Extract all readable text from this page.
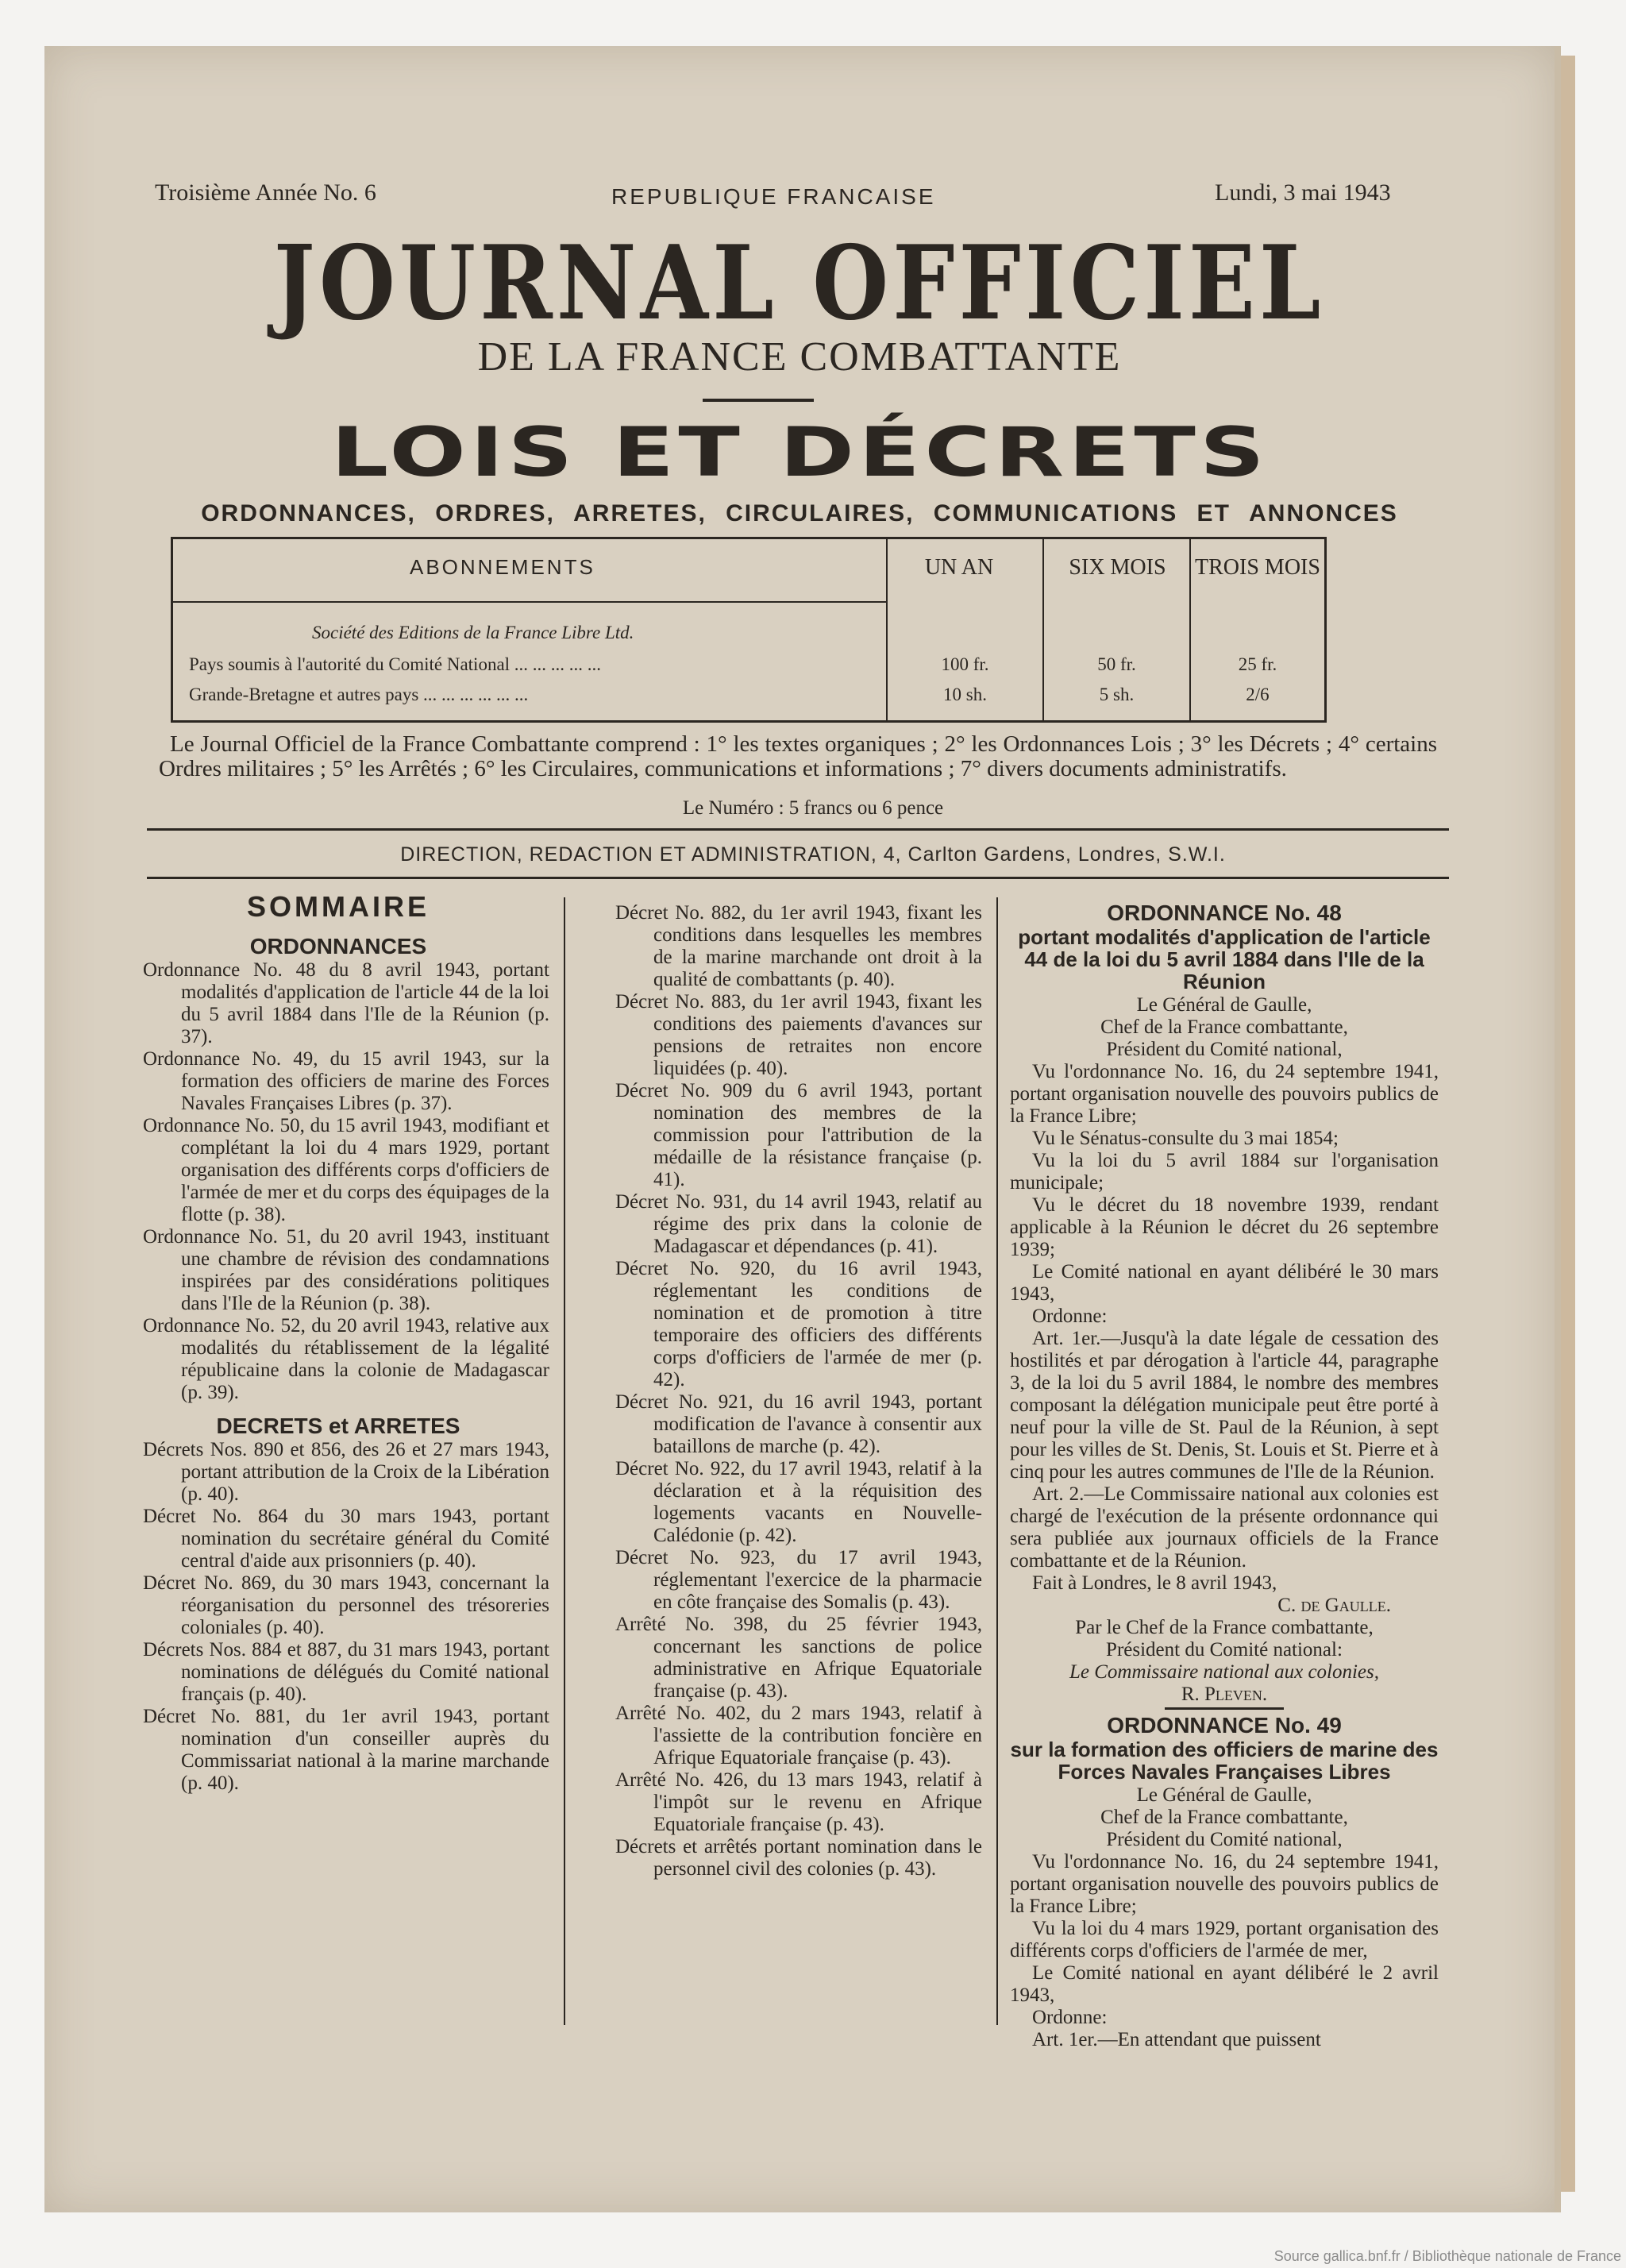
Troisième Année No. 6	REPUBLIQUE FRANCAISE	Lundi, 3 mai 1943
JOURNAL OFFICIEL
DE LA FRANCE COMBATTANTE
LOIS ET DÉCRETS
ORDONNANCES, ORDRES, ARRETES, CIRCULAIRES, COMMUNICATIONS ET ANNONCES
ABONNEMENTS	UN AN	SIX MOIS	TROIS MOIS
Société des Editions de la France Libre Ltd.
Pays soumis à l'autorité du Comité National ... ... ... ... ...	100 fr.	50 fr.	25 fr.
Grande-Bretagne et autres pays ... ... ... ... ... ...	10 sh.	5 sh.	2/6
Le Journal Officiel de la France Combattante comprend : 1° les textes organiques ; 2° les Ordonnances Lois ; 3° les Décrets ; 4° certains Ordres militaires ; 5° les Arrêtés ; 6° les Circulaires, communications et informations ; 7° divers documents administratifs.
Le Numéro : 5 francs ou 6 pence
DIRECTION, REDACTION ET ADMINISTRATION, 4, Carlton Gardens, Londres, S.W.I.
SOMMAIRE
ORDONNANCES

Ordonnance No. 48 du 8 avril 1943, portant modalités d'application de l'article 44 de la loi du 5 avril 1884 dans l'Ile de la Réunion (p. 37).

Ordonnance No. 49, du 15 avril 1943, sur la formation des officiers de marine des Forces Navales Françaises Libres (p. 37).

Ordonnance No. 50, du 15 avril 1943, modifiant et complétant la loi du 4 mars 1929, portant organisation des différents corps d'officiers de l'armée de mer et du corps des équipages de la flotte (p. 38).

Ordonnance No. 51, du 20 avril 1943, instituant une chambre de révision des condamnations inspirées par des considérations politiques dans l'Ile de la Réunion (p. 38).

Ordonnance No. 52, du 20 avril 1943, relative aux modalités du rétablissement de la légalité républicaine dans la colonie de Madagascar (p. 39).

DECRETS et ARRETES

Décrets Nos. 890 et 856, des 26 et 27 mars 1943, portant attribution de la Croix de la Libération (p. 40).

Décret No. 864 du 30 mars 1943, portant nomination du secrétaire général du Comité central d'aide aux prisonniers (p. 40).

Décret No. 869, du 30 mars 1943, concernant la réorganisation du personnel des trésoreries coloniales (p. 40).

Décrets Nos. 884 et 887, du 31 mars 1943, portant nominations de délégués du Comité national français (p. 40).

Décret No. 881, du 1er avril 1943, portant nomination d'un conseiller auprès du Commissariat national à la marine marchande (p. 40).

Décret No. 882, du 1er avril 1943, fixant les conditions dans lesquelles les membres de la marine marchande ont droit à la qualité de combattants (p. 40).

Décret No. 883, du 1er avril 1943, fixant les conditions des paiements d'avances sur pensions de retraites non encore liquidées (p. 40).

Décret No. 909 du 6 avril 1943, portant nomination des membres de la commission pour l'attribution de la médaille de la résistance française (p. 41).

Décret No. 931, du 14 avril 1943, relatif au régime des prix dans la colonie de Madagascar et dépendances (p. 41).

Décret No. 920, du 16 avril 1943, réglementant les conditions de nomination et de promotion à titre temporaire des officiers des différents corps d'officiers de l'armée de mer (p. 42).

Décret No. 921, du 16 avril 1943, portant modification de l'avance à consentir aux bataillons de marche (p. 42).

Décret No. 922, du 17 avril 1943, relatif à la déclaration et à la réquisition des logements vacants en Nouvelle-Calédonie (p. 42).

Décret No. 923, du 17 avril 1943, réglementant l'exercice de la pharmacie en côte française des Somalis (p. 43).

Arrêté No. 398, du 25 février 1943, concernant les sanctions de police administrative en Afrique Equatoriale française (p. 43).

Arrêté No. 402, du 2 mars 1943, relatif à l'assiette de la contribution foncière en Afrique Equatoriale française (p. 43).

Arrêté No. 426, du 13 mars 1943, relatif à l'impôt sur le revenu en Afrique Equatoriale française (p. 43).

Décrets et arrêtés portant nomination dans le personnel civil des colonies (p. 43).

ORDONNANCE No. 48
portant modalités d'application de l'article 44 de la loi du 5 avril 1884 dans l'Ile de la Réunion
Le Général de Gaulle,
Chef de la France combattante,
Président du Comité national,

Vu l'ordonnance No. 16, du 24 septembre 1941, portant organisation nouvelle des pouvoirs publics de la France Libre;

Vu le Sénatus-consulte du 3 mai 1854;

Vu la loi du 5 avril 1884 sur l'organisation municipale;

Vu le décret du 18 novembre 1939, rendant applicable à la Réunion le décret du 26 septembre 1939;

Le Comité national en ayant délibéré le 30 mars 1943,

Ordonne:

Art. 1er.—Jusqu'à la date légale de cessation des hostilités et par dérogation à l'article 44, paragraphe 3, de la loi du 5 avril 1884, le nombre des membres composant la délégation municipale peut être porté à neuf pour la ville de St. Paul de la Réunion, à sept pour les villes de St. Denis, St. Louis et St. Pierre et à cinq pour les autres communes de l'Ile de la Réunion.

Art. 2.—Le Commissaire national aux colonies est chargé de l'exécution de la présente ordonnance qui sera publiée aux journaux officiels de la France combattante et de la Réunion.

Fait à Londres, le 8 avril 1943,

C. de Gaulle.
Par le Chef de la France combattante,
Président du Comité national:
Le Commissaire national aux colonies,
R. Pleven.
ORDONNANCE No. 49
sur la formation des officiers de marine des Forces Navales Françaises Libres
Le Général de Gaulle,
Chef de la France combattante,
Président du Comité national,

Vu l'ordonnance No. 16, du 24 septembre 1941, portant organisation nouvelle des pouvoirs publics de la France Libre;

Vu la loi du 4 mars 1929, portant organisation des différents corps d'officiers de l'armée de mer,

Le Comité national en ayant délibéré le 2 avril 1943,

Ordonne:

Art. 1er.—En attendant que puissent

Source gallica.bnf.fr / Bibliothèque nationale de France
